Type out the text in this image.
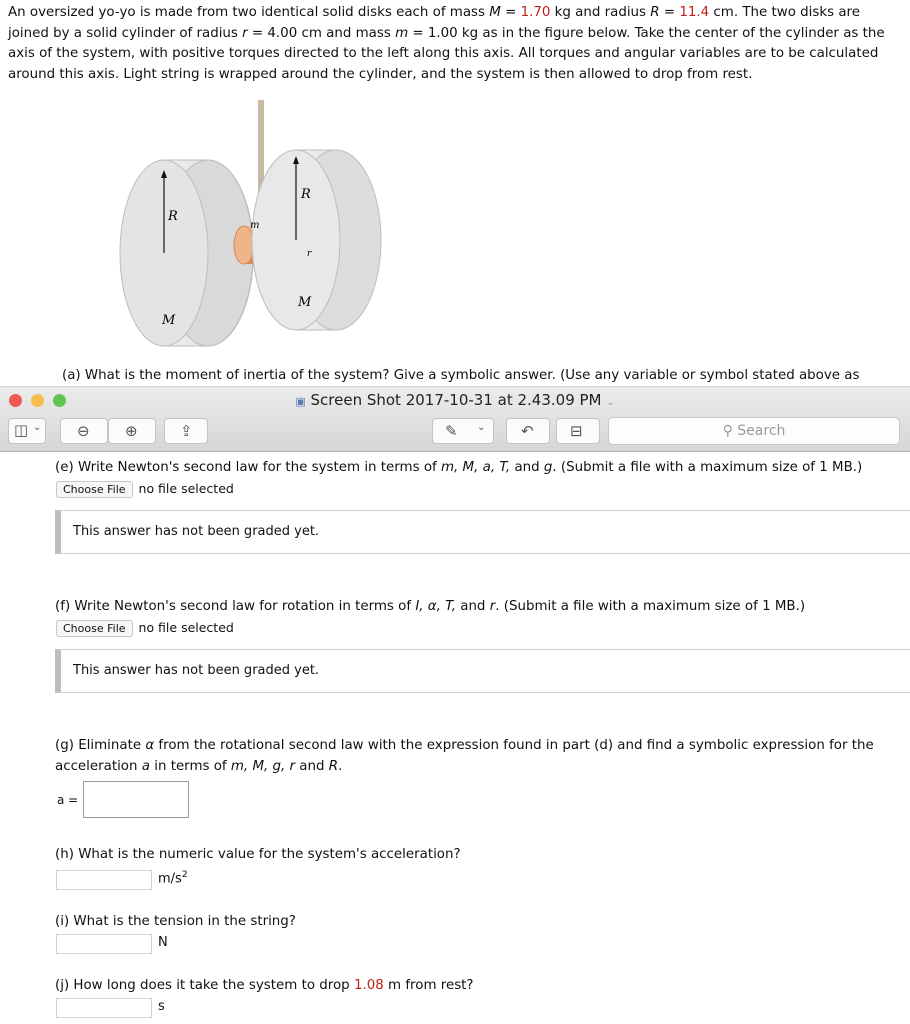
An oversized yo-yo is made from two identical solid disks each of mass M = 1.70 kg and radius R = 11.4 cm. The two disks are joined by a solid cylinder of radius r = 4.00 cm and mass m = 1.00 kg as in the figure below. Take the center of the cylinder as the axis of the system, with positive torques directed to the left along this axis. All torques and angular variables are to be calculated around this axis. Light string is wrapped around the cylinder, and the system is then allowed to drop from rest.
R
R
M
M
m
r
(a) What is the moment of inertia of the system? Give a symbolic answer. (Use any variable or symbol stated above as
▣ Screen Shot 2017-10-31 at 2.43.09 PM ⌄
◫ ⌄ ⊖ ⊕	⇪	✎ ⌄ ↶ ⊟	⚲ Search
(e) Write Newton's second law for the system in terms of m, M, a, T, and g. (Submit a file with a maximum size of 1 MB.)
Choose File no file selected
This answer has not been graded yet.
(f) Write Newton's second law for rotation in terms of I, α, T, and r. (Submit a file with a maximum size of 1 MB.)
Choose File no file selected
This answer has not been graded yet.
(g) Eliminate α from the rotational second law with the expression found in part (d) and find a symbolic expression for the
acceleration a in terms of m, M, g, r and R.
a =
(h) What is the numeric value for the system's acceleration?
$m/s^2$
(i) What is the tension in the string?
N
(j) How long does it take the system to drop 1.08 m from rest?
s
